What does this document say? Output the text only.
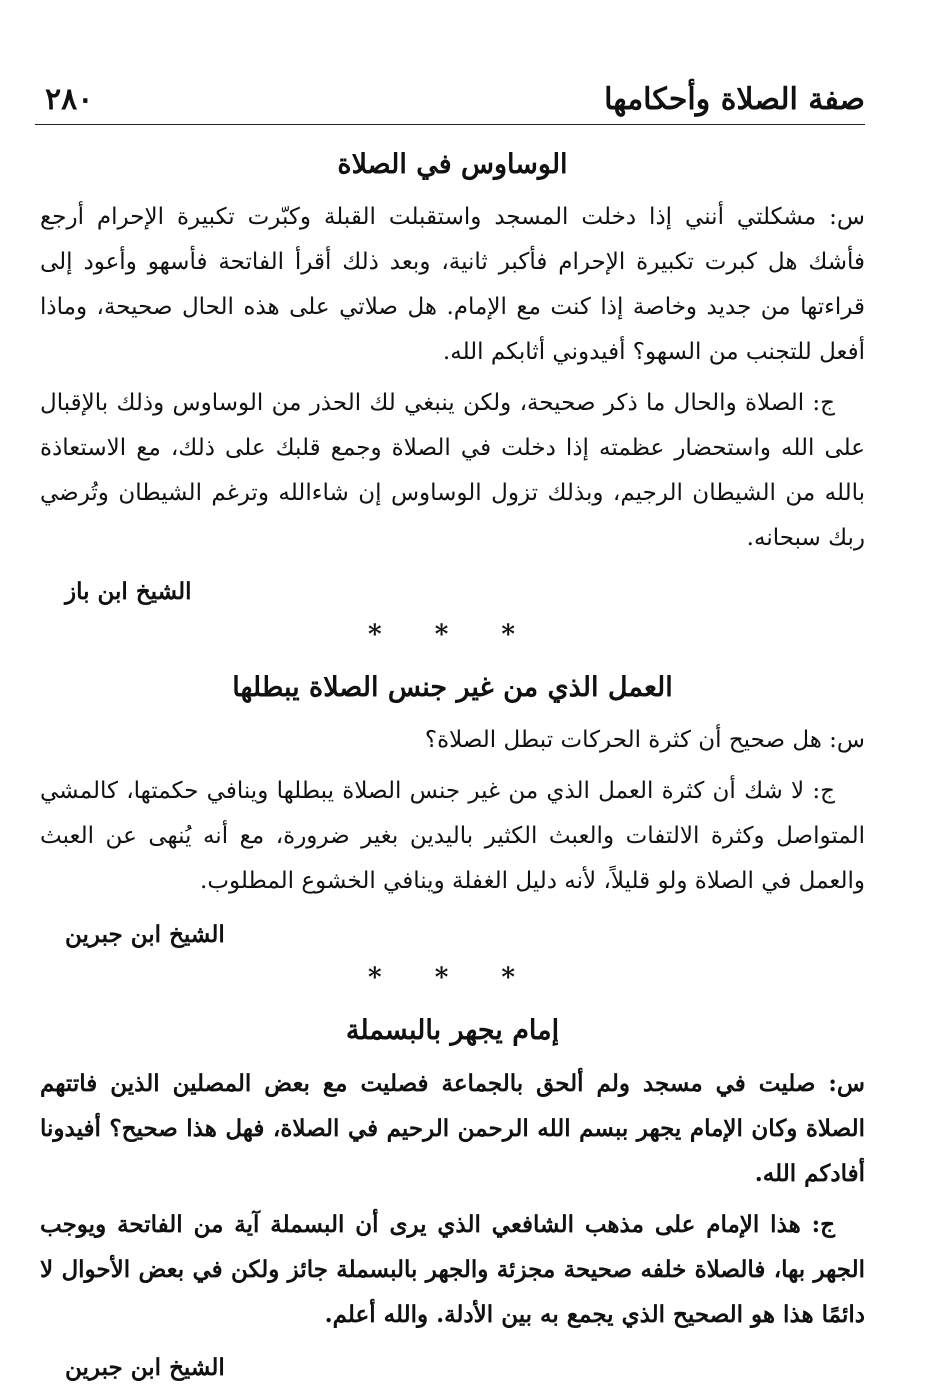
صفة الصلاة وأحكامها
٢٨٠
الوساوس في الصلاة

س: مشكلتي أنني إذا دخلت المسجد واستقبلت القبلة وكبّرت تكبيرة الإحرام أرجع فأشك هل كبرت تكبيرة الإحرام فأكبر ثانية، وبعد ذلك أقرأ الفاتحة فأسهو وأعود إلى قراءتها من جديد وخاصة إذا كنت مع الإمام. هل صلاتي على هذه الحال صحيحة، وماذا أفعل للتجنب من السهو؟ أفيدوني أثابكم الله.

ج: الصلاة والحال ما ذكر صحيحة، ولكن ينبغي لك الحذر من الوساوس وذلك بالإقبال على الله واستحضار عظمته إذا دخلت في الصلاة وجمع قلبك على ذلك، مع الاستعاذة بالله من الشيطان الرجيم، وبذلك تزول الوساوس إن شاءالله وترغم الشيطان وتُرضي ربك سبحانه.

الشيخ ابن باز
* * *
العمل الذي من غير جنس الصلاة يبطلها

س: هل صحيح أن كثرة الحركات تبطل الصلاة؟

ج: لا شك أن كثرة العمل الذي من غير جنس الصلاة يبطلها وينافي حكمتها، كالمشي المتواصل وكثرة الالتفات والعبث الكثير باليدين بغير ضرورة، مع أنه يُنهى عن العبث والعمل في الصلاة ولو قليلاً، لأنه دليل الغفلة وينافي الخشوع المطلوب.

الشيخ ابن جبرين
* * *
إمام يجهر بالبسملة

س: صليت في مسجد ولم ألحق بالجماعة فصليت مع بعض المصلين الذين فاتتهم الصلاة وكان الإمام يجهر ببسم الله الرحمن الرحيم في الصلاة، فهل هذا صحيح؟ أفيدونا أفادكم الله.

ج: هذا الإمام على مذهب الشافعي الذي يرى أن البسملة آية من الفاتحة ويوجب الجهر بها، فالصلاة خلفه صحيحة مجزئة والجهر بالبسملة جائز ولكن في بعض الأحوال لا دائمًا هذا هو الصحيح الذي يجمع به بين الأدلة. والله أعلم.

الشيخ ابن جبرين
